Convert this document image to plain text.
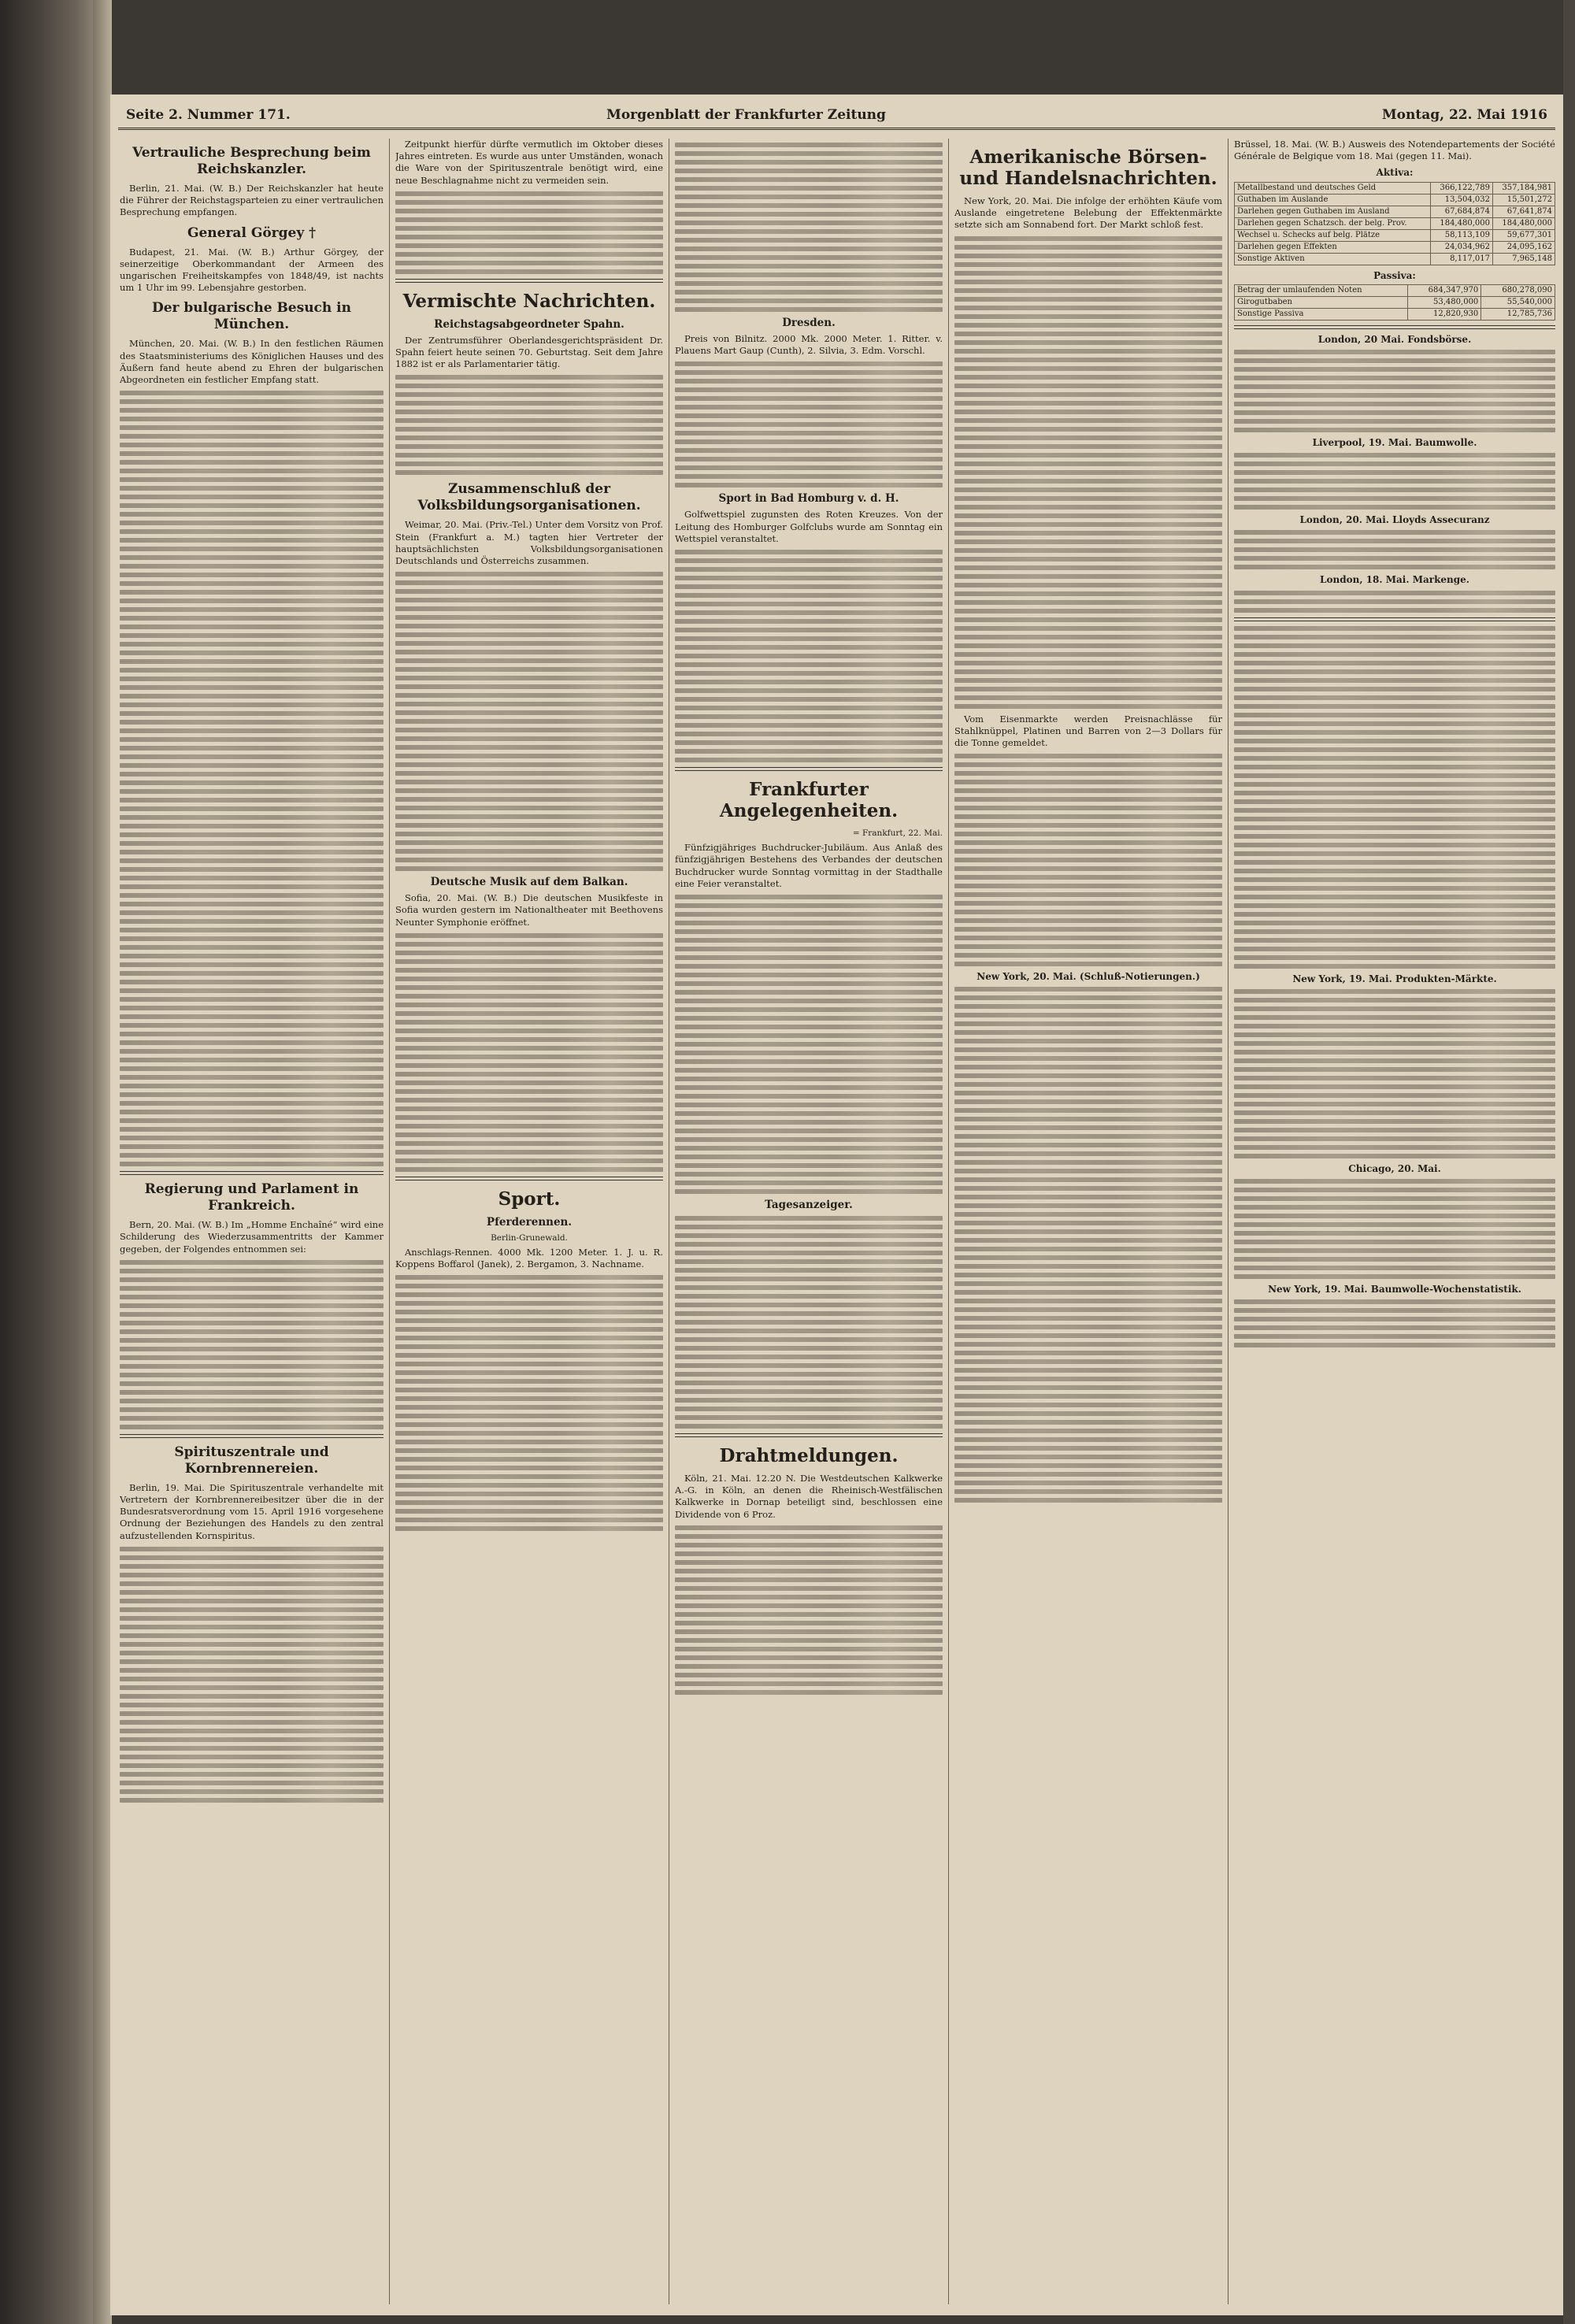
Seite 2. Nummer 171.	Morgenblatt der Frankfurter Zeitung	Montag, 22. Mai 1916
Vertrauliche Besprechung beim Reichskanzler.

Berlin, 21. Mai. (W. B.) Der Reichskanzler hat heute die Führer der Reichstagsparteien zu einer vertraulichen Besprechung empfangen.

General Görgey †

Budapest, 21. Mai. (W. B.) Arthur Görgey, der seinerzeitige Oberkommandant der Armeen des ungarischen Freiheitskampfes von 1848/49, ist nachts um 1 Uhr im 99. Lebensjahre gestorben.

Der bulgarische Besuch in München.

München, 20. Mai. (W. B.) In den festlichen Räumen des Staatsministeriums des Königlichen Hauses und des Äußern fand heute abend zu Ehren der bulgarischen Abgeordneten ein festlicher Empfang statt.

Regierung und Parlament in Frankreich.

Bern, 20. Mai. (W. B.) Im „Homme Enchaîné“ wird eine Schilderung des Wiederzusammentritts der Kammer gegeben, der Folgendes entnommen sei:

Spirituszentrale und Kornbrennereien.

Berlin, 19. Mai. Die Spirituszentrale verhandelte mit Vertretern der Kornbrennereibesitzer über die in der Bundesratsverordnung vom 15. April 1916 vorgesehene Ordnung der Beziehungen des Handels zu den zentral aufzustellenden Kornspiritus.

Zeitpunkt hierfür dürfte vermutlich im Oktober dieses Jahres eintreten. Es wurde aus unter Umständen, wonach die Ware von der Spirituszentrale benötigt wird, eine neue Beschlagnahme nicht zu vermeiden sein.

Vermischte Nachrichten.
Reichstagsabgeordneter Spahn.

Der Zentrumsführer Oberlandesgerichtspräsident Dr. Spahn feiert heute seinen 70. Geburtstag. Seit dem Jahre 1882 ist er als Parlamentarier tätig.

Zusammenschluß der Volksbildungsorganisationen.

Weimar, 20. Mai. (Priv.-Tel.) Unter dem Vorsitz von Prof. Stein (Frankfurt a. M.) tagten hier Vertreter der hauptsächlichsten Volksbildungsorganisationen Deutschlands und Österreichs zusammen.

Deutsche Musik auf dem Balkan.

Sofia, 20. Mai. (W. B.) Die deutschen Musikfeste in Sofia wurden gestern im Nationaltheater mit Beethovens Neunter Symphonie eröffnet.

Sport.
Pferderennen.
Berlin-Grunewald.

Anschlags-Rennen. 4000 Mk. 1200 Meter. 1. J. u. R. Koppens Boffarol (Janek), 2. Bergamon, 3. Nachname.

Dresden.

Preis von Bilnitz. 2000 Mk. 2000 Meter. 1. Ritter. v. Plauens Mart Gaup (Cunth), 2. Silvia, 3. Edm. Vorschl.

Sport in Bad Homburg v. d. H.

Golfwettspiel zugunsten des Roten Kreuzes. Von der Leitung des Homburger Golfclubs wurde am Sonntag ein Wettspiel veranstaltet.

Frankfurter Angelegenheiten.
= Frankfurt, 22. Mai.

Fünfzigjähriges Buchdrucker-Jubiläum. Aus Anlaß des fünfzigjährigen Bestehens des Verbandes der deutschen Buchdrucker wurde Sonntag vormittag in der Stadthalle eine Feier veranstaltet.

Tagesanzeiger.
Drahtmeldungen.

Köln, 21. Mai. 12.20 N. Die Westdeutschen Kalkwerke A.-G. in Köln, an denen die Rheinisch-Westfälischen Kalkwerke in Dornap beteiligt sind, beschlossen eine Dividende von 6 Proz.

Amerikanische Börsen- und Handelsnachrichten.

New York, 20. Mai. Die infolge der erhöhten Käufe vom Auslande eingetretene Belebung der Effektenmärkte setzte sich am Sonnabend fort. Der Markt schloß fest.

Vom Eisenmarkte werden Preisnachlässe für Stahlknüppel, Platinen und Barren von 2—3 Dollars für die Tonne gemeldet.

New York, 20. Mai. (Schluß-Notierungen.)

Brüssel, 18. Mai. (W. B.) Ausweis des Notendepartements der Société Générale de Belgique vom 18. Mai (gegen 11. Mai).

Aktiva:
Metallbestand und deutsches Geld	366,122,789	357,184,981
Guthaben im Auslande	13,504,032	15,501,272
Darlehen gegen Guthaben im Ausland	67,684,874	67,641,874
Darlehen gegen Schatzsch. der belg. Prov.	184,480,000	184,480,000
Wechsel u. Schecks auf belg. Plätze	58,113,109	59,677,301
Darlehen gegen Effekten	24,034,962	24,095,162
Sonstige Aktiven	8,117,017	7,965,148
Passiva:
Betrag der umlaufenden Noten	684,347,970	680,278,090
Girogutbaben	53,480,000	55,540,000
Sonstige Passiva	12,820,930	12,785,736
London, 20 Mai. Fondsbörse.
Liverpool, 19. Mai. Baumwolle.
London, 20. Mai. Lloyds Assecuranz
London, 18. Mai. Markenge.
New York, 19. Mai. Produkten-Märkte.
Chicago, 20. Mai.
New York, 19. Mai. Baumwolle-Wochenstatistik.
